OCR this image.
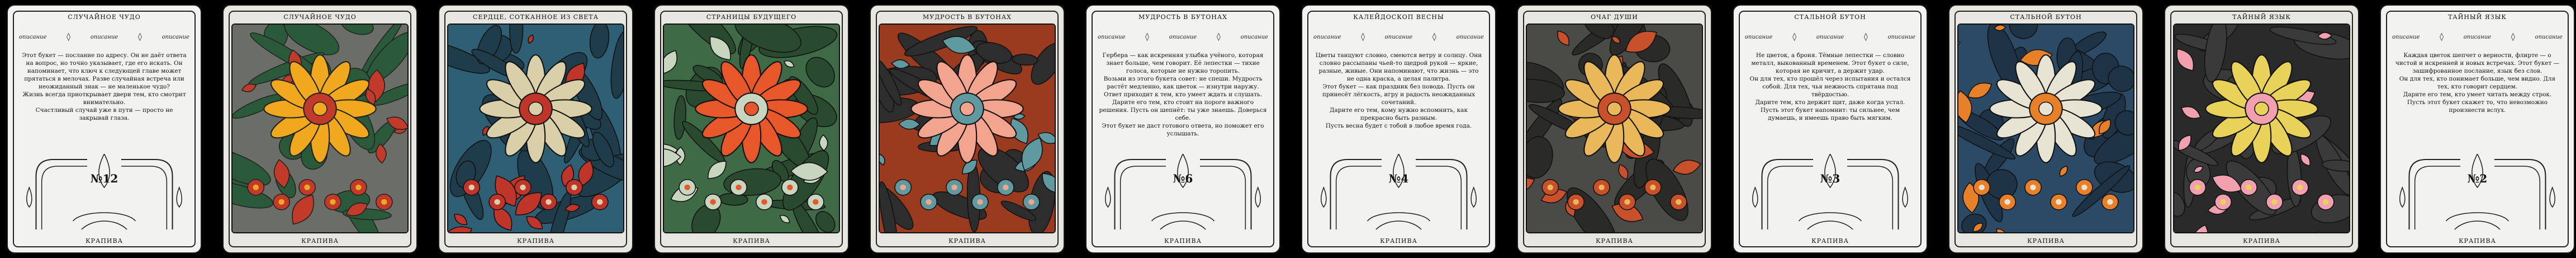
СЛУЧАЙНОЕ ЧУДО
описание	◊	описание	◊	описание
Этот букет — послание по адресу. Он не даёт ответа на вопрос, но точно указывает, где его искать. Он напоминает, что ключ к следующей главе может прятаться в мелочах. Разве случайная встреча или неожиданный знак — не маленькое чудо?
Жизнь всегда приоткрывает двери тем, кто смотрит внимательно.
Счастливый случай уже в пути — просто не закрывай глаза.
№12
КРАПИВА
СЛУЧАЙНОЕ ЧУДО
КРАПИВА
СЕРДЦЕ, СОТКАННОЕ ИЗ СВЕТА
КРАПИВА
СТРАНИЦЫ БУДУЩЕГО
КРАПИВА
МУДРОСТЬ В БУТОНАХ
КРАПИВА
МУДРОСТЬ В БУТОНАХ
описание	◊	описание	◊	описание
Гербера — как искренняя улыбка учёного, которая знает больше, чем говорит. Её лепестки — тихие голоса, которые не нужно торопить.
Возьми из этого букета совет: не спеши. Мудрость растёт медленно, как цветок — изнутри наружу. Ответ приходит к тем, кто умеет ждать и слушать.
Дарите его тем, кто стоит на пороге важного решения. Пусть он шепнёт: ты уже знаешь. Доверься себе.
Этот букет не даст готового ответа, но поможет его услышать.
№6
КРАПИВА
КАЛЕЙДОСКОП ВЕСНЫ
описание	◊	описание	◊	описание
Цветы танцуют словно, смеются ветру и солнцу. Они словно рассыпаны чьей-то щедрой рукой — яркие, разные, живые. Они напоминают, что жизнь — это не одна краска, а целая палитра.
Этот букет — как праздник без повода. Пусть он принесёт лёгкость, игру и радость неожиданных сочетаний.
Дарите его тем, кому нужно вспомнить, как прекрасно быть разным.
Пусть весна будет с тобой в любое время года.
№4
КРАПИВА
ОЧАГ ДУШИ
КРАПИВА
СТАЛЬНОЙ БУТОН
описание	◊	описание	◊	описание
Не цветок, а броня. Тёмные лепестки — словно металл, выкованный временем. Этот букет о силе, которая не кричит, а держит удар.
Он для тех, кто прошёл через испытания и остался собой. Для тех, чья нежность спрятана под твёрдостью.
Дарите тем, кто держит щит, даже когда устал. Пусть этот букет напомнит: ты сильнее, чем думаешь, и имеешь право быть мягким.
№3
КРАПИВА
СТАЛЬНОЙ БУТОН
КРАПИВА
ТАЙНЫЙ ЯЗЫК
КРАПИВА
ТАЙНЫЙ ЯЗЫК
описание	◊	описание	◊	описание
Каждая цветок шепчет о верности, флирте — о чистой и искренней и новых встречах. Этот букет — зашифрованное послание, язык без слов.
Он для тех, кто понимает больше, чем видно. Для тех, кто говорит сердцем.
Дарите его тем, кто умеет читать между строк. Пусть этот букет скажет то, что невозможно произнести вслух.
№2
КРАПИВА
